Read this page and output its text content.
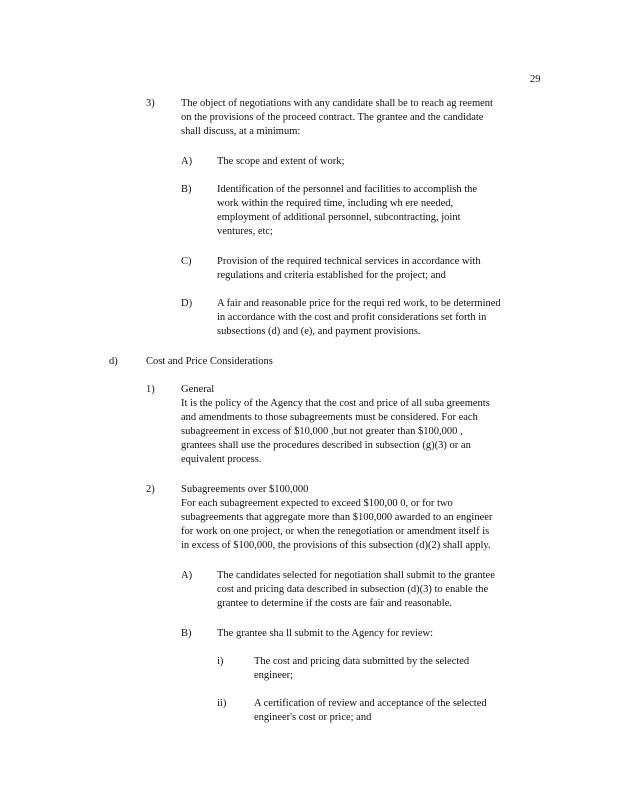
29
3)	The object of negotiations with any candidate shall be to reach ag reement
on the provisions of the proceed contract. The grantee and the candidate
shall discuss, at a minimum:
A) The scope and extent of work;
B) Identification of the personnel and facilities to accomplish the
work within the required time, including wh ere needed,
employment of additional personnel, subcontracting, joint
ventures, etc;
C) Provision of the required technical services in accordance with
regulations and criteria established for the project; and
D) A fair and reasonable price for the requi red work, to be determined
in accordance with the cost and profit considerations set forth in
subsections (d) and (e), and payment provisions.
d)	Cost and Price Considerations
1)	General
It is the policy of the Agency that the cost and price of all suba greements
and amendments to those subagreements must be considered. For each
subagreement in excess of $10,000 ,but not greater than $100,000 ,
grantees shall use the procedures described in subsection (g)(3) or an
equivalent process.
2)	Subagreements over $100,000
For each subagreement expected to exceed $100,00 0, or for two
subagreements that aggregate more than $100,000 awarded to an engineer
for work on one project, or when the renegotiation or amendment itself is
in excess of $100,000, the provisions of this subsection (d)(2) shall apply.
A) The candidates selected for negotiation shall submit to the grantee
cost and pricing data described in subsection (d)(3) to enable the
grantee to determine if the costs are fair and reasonable.
B) The grantee sha ll submit to the Agency for review:
i)	The cost and pricing data submitted by the selected
engineer;
ii)	A certification of review and acceptance of the selected
engineer's cost or price; and
